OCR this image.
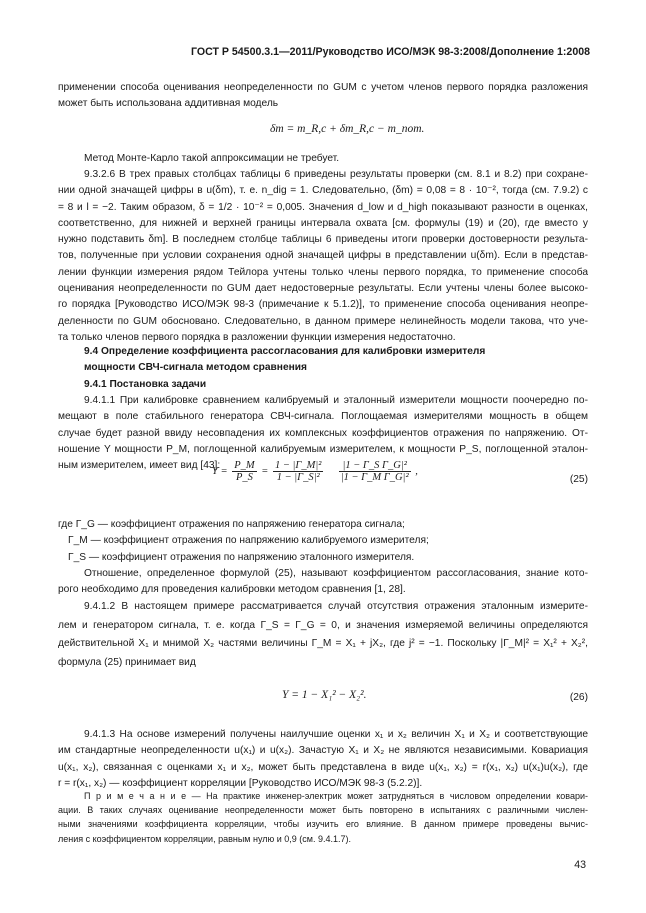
ГОСТ Р 54500.3.1—2011/Руководство ИСО/МЭК 98-3:2008/Дополнение 1:2008
применении способа оценивания неопределенности по GUM с учетом членов первого порядка разложения
может быть использована аддитивная модель
δm = m_R,c + δm_R,c − m_nom.
Метод Монте-Карло такой аппроксимации не требует.
9.3.2.6 В трех правых столбцах таблицы 6 приведены результаты проверки (см. 8.1 и 8.2) при сохране-
нии одной значащей цифры в u(δm), т. е. n_dig = 1. Следовательно, (δm) = 0,08 = 8 · 10⁻², тогда (см. 7.9.2) c
= 8 и l = −2. Таким образом, δ = 1/2 · 10⁻² = 0,005. Значения d_low и d_high показывают разности в оценках,
соответственно, для нижней и верхней границы интервала охвата [см. формулы (19) и (20), где вместо y
нужно подставить δm]. В последнем столбце таблицы 6 приведены итоги проверки достоверности результа-
тов, полученные при условии сохранения одной значащей цифры в представлении u(δm). Если в представ-
лении функции измерения рядом Тейлора учтены только члены первого порядка, то применение способа
оценивания неопределенности по GUM дает недостоверные результаты. Если учтены члены более высоко-
го порядка [Руководство ИСО/МЭК 98-3 (примечание к 5.1.2)], то применение способа оценивания неопре-
деленности по GUM обосновано. Следовательно, в данном примере нелинейность модели такова, что уче-
та только членов первого порядка в разложении функции измерения недостаточно.
9.4 Определение коэффициента рассогласования для калибровки измерителя
мощности СВЧ-сигнала методом сравнения
9.4.1 Постановка задачи
9.4.1.1 При калибровке сравнением калибруемый и эталонный измерители мощности поочередно по-
мещают в поле стабильного генератора СВЧ-сигнала. Поглощаемая измерителями мощность в общем
случае будет разной ввиду несовпадения их комплексных коэффициентов отражения по напряжению. От-
ношение Y мощности P_M, поглощенной калибруемым измерителем, к мощности P_S, поглощенной эталон-
ным измерителем, имеет вид [43]:
$Y = \frac{P\_M}{P\_S} = \frac{\text{1 − |Γ\_M|²}}{\text{1 − |Γ\_S|²}}$
$\frac{\text{|1 − Γ\_S Γ\_G|²}}{\text{|1 − Γ\_M Γ\_G|²}}$ ,
(25)
где Γ_G — коэффициент отражения по напряжению генератора сигнала;
Γ_M — коэффициент отражения по напряжению калибруемого измерителя;
Γ_S — коэффициент отражения по напряжению эталонного измерителя.
Отношение, определенное формулой (25), называют коэффициентом рассогласования, знание кото-
рого необходимо для проведения калибровки методом сравнения [1, 28].
9.4.1.2 В настоящем примере рассматривается случай отсутствия отражения эталонным измерите-
лем и генератором сигнала, т. е. когда Γ_S = Γ_G = 0, и значения измеряемой величины определяются
действительной X₁ и мнимой X₂ частями величины Γ_M = X₁ + jX₂, где j² = −1. Поскольку |Γ_M|² = X₁² + X₂²,
формула (25) принимает вид
Y = 1 − X₁² − X₂².	(26)
9.4.1.3 На основе измерений получены наилучшие оценки x₁ и x₂ величин X₁ и X₂ и соответствующие
им стандартные неопределенности u(x₁) и u(x₂). Зачастую X₁ и X₂ не являются независимыми. Ковариация
u(x₁, x₂), связанная с оценками x₁ и x₂, может быть представлена в виде u(x₁, x₂) = r(x₁, x₂) u(x₁)u(x₂), где
r = r(x₁, x₂) — коэффициент корреляции [Руководство ИСО/МЭК 98-3 (5.2.2)].
П р и м е ч а н и е — На практике инженер-электрик может затрудняться в числовом определении ковари-
ации. В таких случаях оценивание неопределенности может быть повторено в испытаниях с различными числен-
ными значениями коэффициента корреляции, чтобы изучить его влияние. В данном примере проведены вычис-
ления с коэффициентом корреляции, равным нулю и 0,9 (см. 9.4.1.7).
43
